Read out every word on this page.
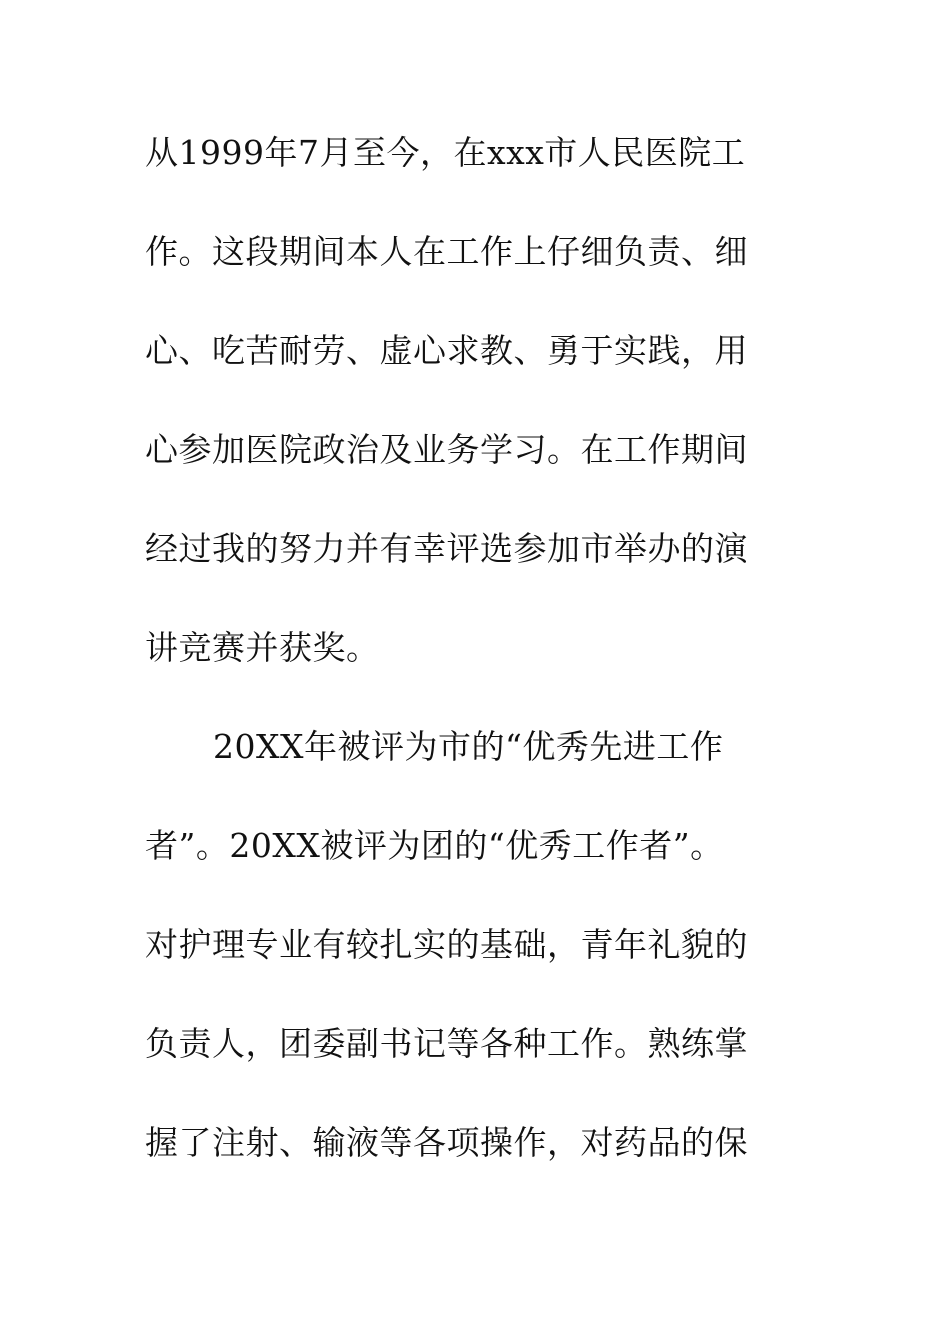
从1999年7月至今，在xxx市人民医院工
作。这段期间本人在工作上仔细负责、细
心、吃苦耐劳、虚心求教、勇于实践，用
心参加医院政治及业务学习。在工作期间
经过我的努力并有幸评选参加市举办的演
讲竞赛并获奖。
20XX年被评为市的“优秀先进工作
者”。20XX被评为团的“优秀工作者”。
对护理专业有较扎实的基础，青年礼貌的
负责人，团委副书记等各种工作。熟练掌
握了注射、输液等各项操作，对药品的保
